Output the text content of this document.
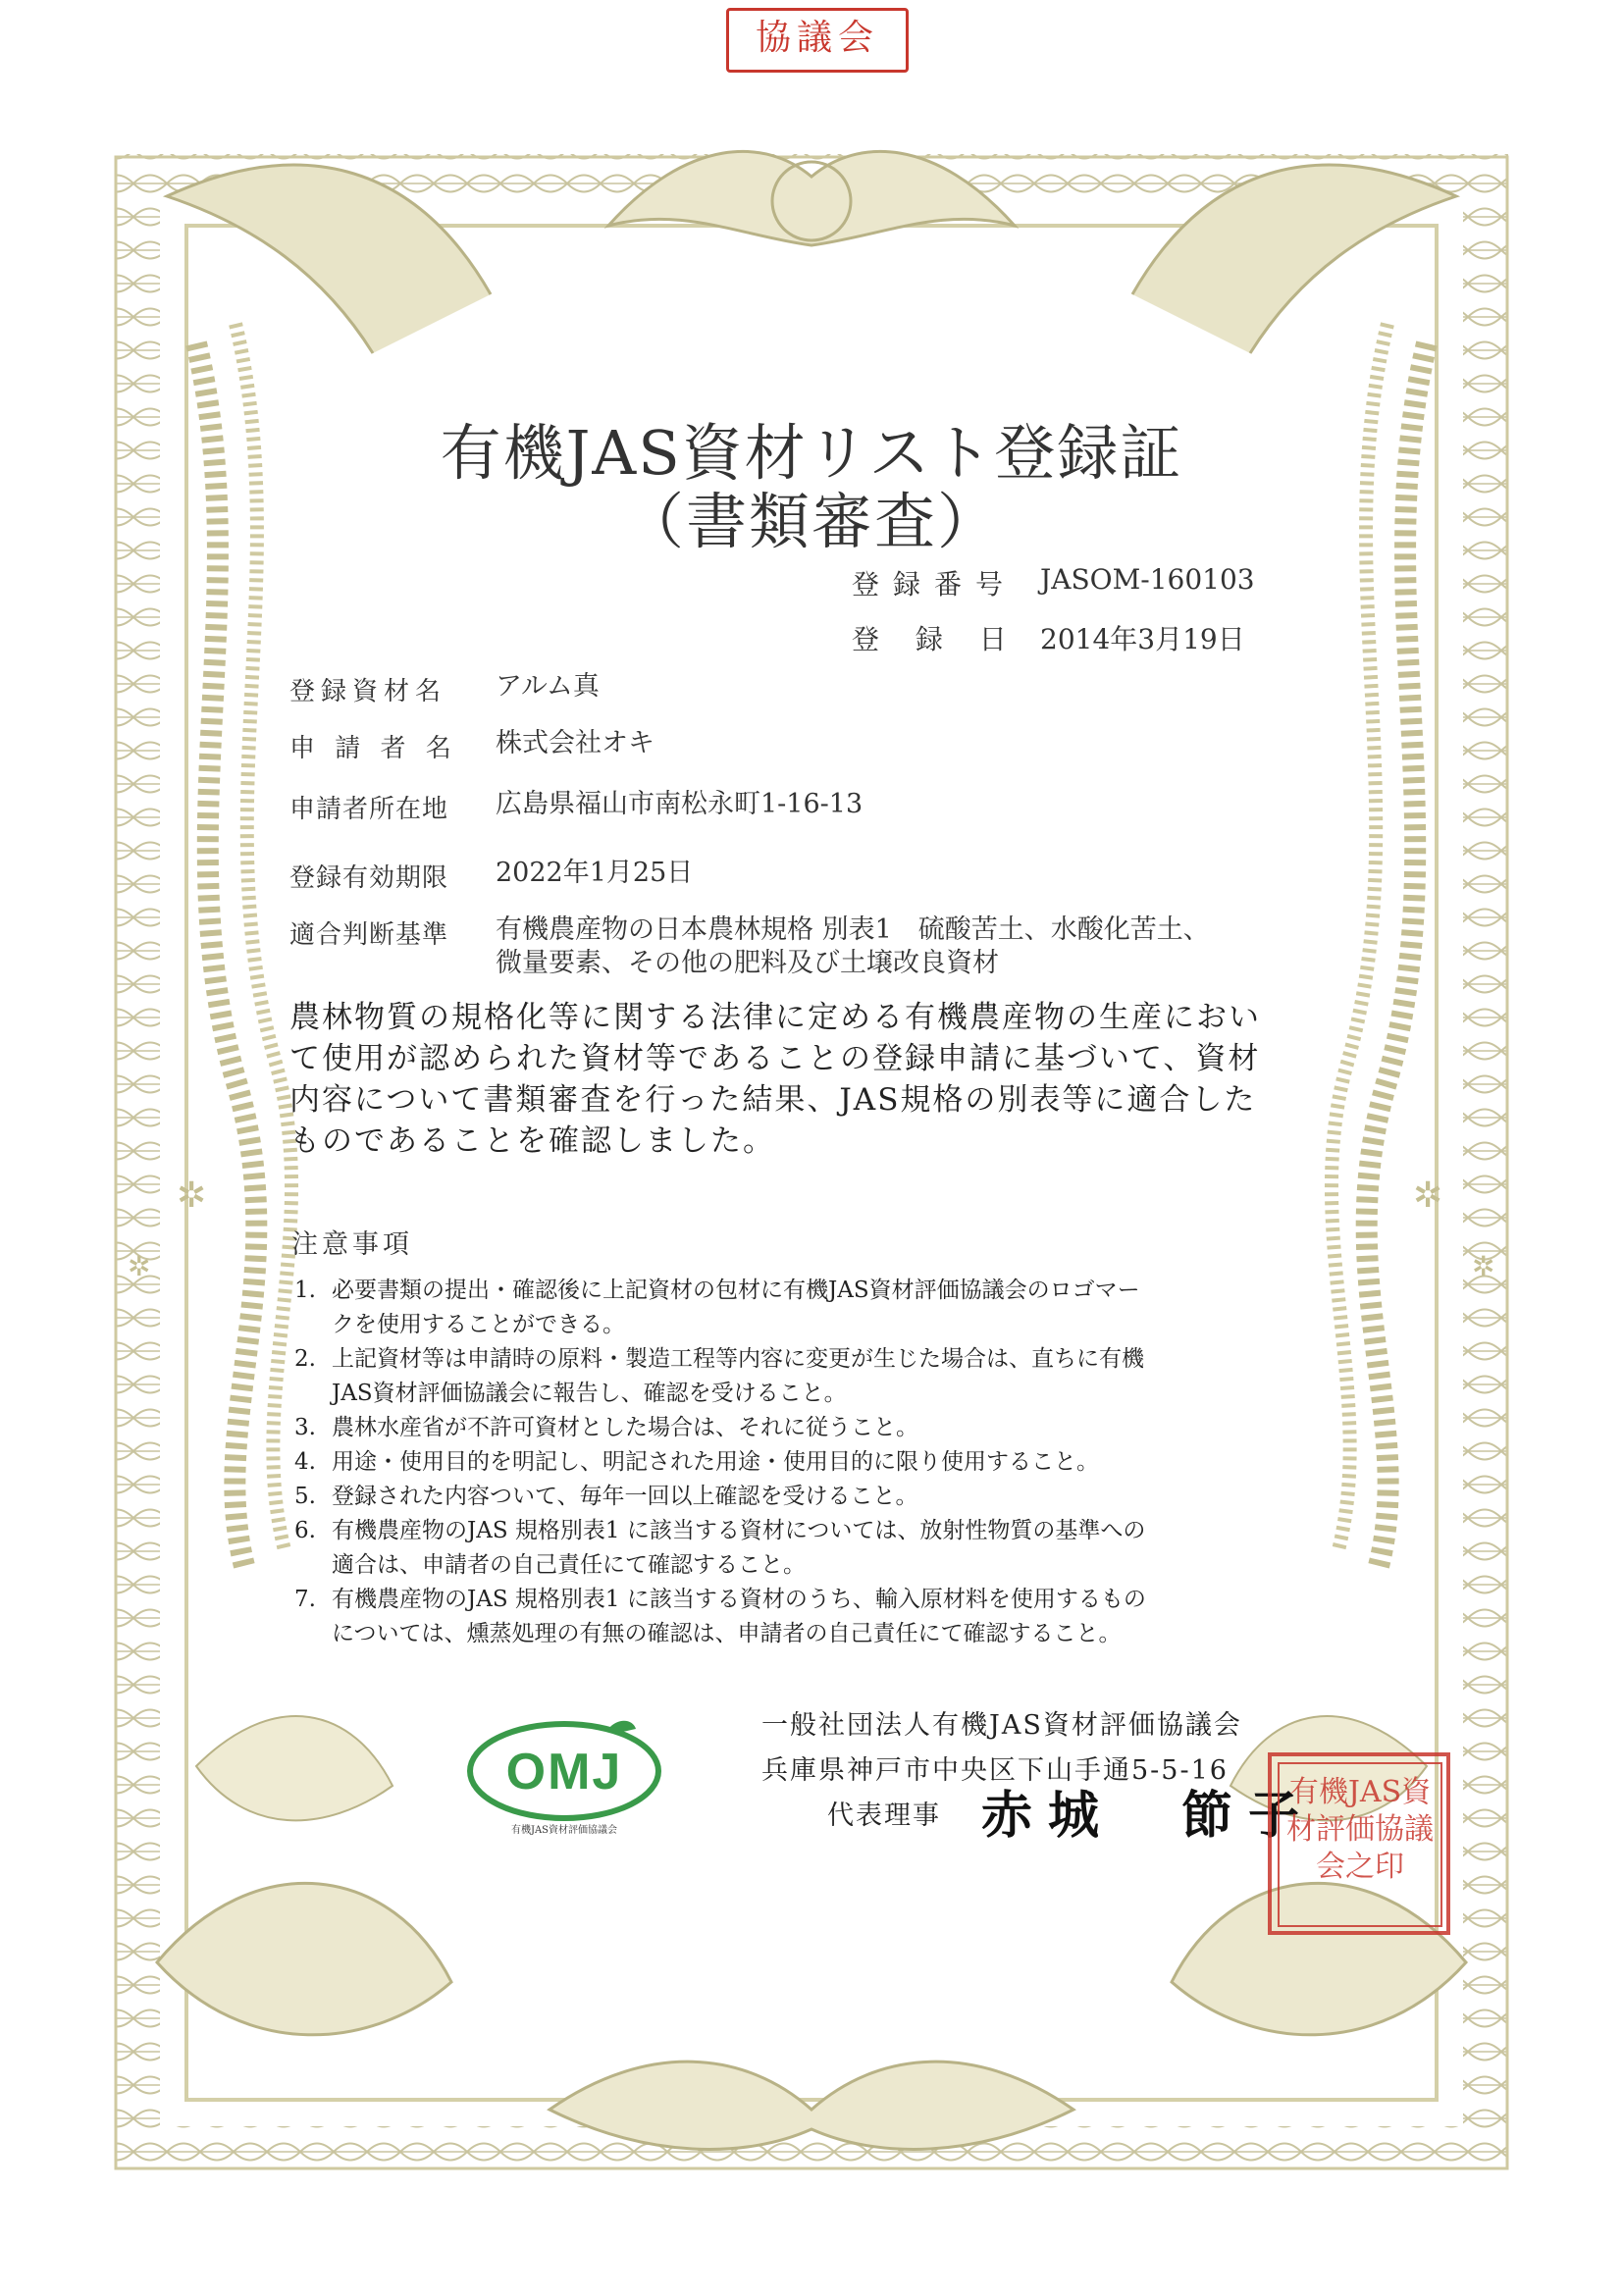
✲	✲
✲	✲
協議会
有機JAS資材リスト登録証
（書類審査）
登録番号 JASOM-160103
登 録 日 2014年3月19日
登録資材名 アルム真
申 請 者 名 株式会社オキ
申請者所在地 広島県福山市南松永町1-16-13
登録有効期限 2022年1月25日
適合判断基準 有機農産物の日本農林規格 別表1　硫酸苦土、水酸化苦土、
微量要素、その他の肥料及び土壌改良資材
農林物質の規格化等に関する法律に定める有機農産物の生産におい
て使用が認められた資材等であることの登録申請に基づいて、資材
内容について書類審査を行った結果、JAS規格の別表等に適合した
ものであることを確認しました。
注意事項
1. 必要書類の提出・確認後に上記資材の包材に有機JAS資材評価協議会のロゴマー
クを使用することができる。
2. 上記資材等は申請時の原料・製造工程等内容に変更が生じた場合は、直ちに有機
JAS資材評価協議会に報告し、確認を受けること。
3. 農林水産省が不許可資材とした場合は、それに従うこと。
4. 用途・使用目的を明記し、明記された用途・使用目的に限り使用すること。
5. 登録された内容ついて、毎年一回以上確認を受けること。
6. 有機農産物のJAS 規格別表1 に該当する資材については、放射性物質の基準への
適合は、申請者の自己責任にて確認すること。
7. 有機農産物のJAS 規格別表1 に該当する資材のうち、輸入原材料を使用するもの
については、燻蒸処理の有無の確認は、申請者の自己責任にて確認すること。
OMJ
有機JAS資材評価協議会
一般社団法人有機JAS資材評価協議会
兵庫県神戸市中央区下山手通5-5-16
代表理事 赤城　節子
有機JAS資材評価協議会之印
